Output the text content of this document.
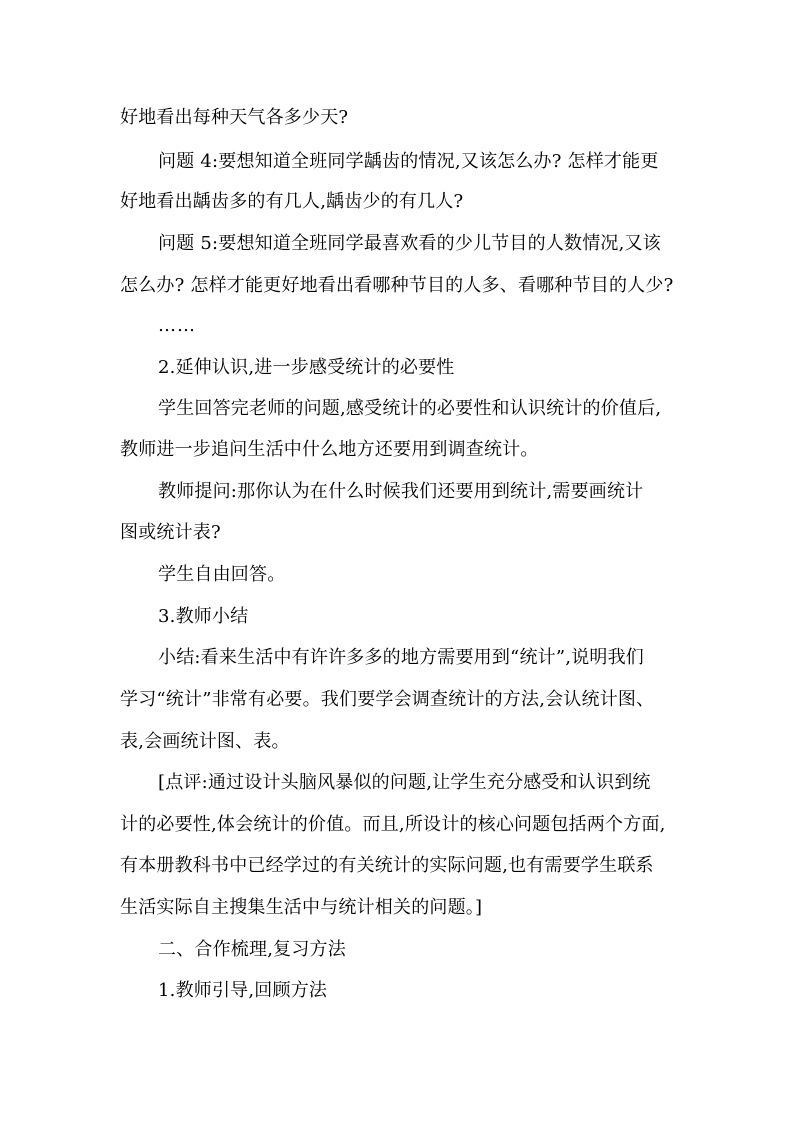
好地看出每种天气各多少天?
问题 4:要想知道全班同学龋齿的情况,又该怎么办? 怎样才能更
好地看出龋齿多的有几人,龋齿少的有几人?
问题 5:要想知道全班同学最喜欢看的少儿节目的人数情况,又该
怎么办? 怎样才能更好地看出看哪种节目的人多、看哪种节目的人少?
……
2.延伸认识,进一步感受统计的必要性
学生回答完老师的问题,感受统计的必要性和认识统计的价值后,
教师进一步追问生活中什么地方还要用到调查统计。
教师提问:那你认为在什么时候我们还要用到统计,需要画统计
图或统计表?
学生自由回答。
3.教师小结
小结:看来生活中有许许多多的地方需要用到“统计”,说明我们
学习“统计”非常有必要。我们要学会调查统计的方法,会认统计图、
表,会画统计图、表。
[点评:通过设计头脑风暴似的问题,让学生充分感受和认识到统
计的必要性,体会统计的价值。而且,所设计的核心问题包括两个方面,
有本册教科书中已经学过的有关统计的实际问题,也有需要学生联系
生活实际自主搜集生活中与统计相关的问题。]
二、合作梳理,复习方法
1.教师引导,回顾方法
